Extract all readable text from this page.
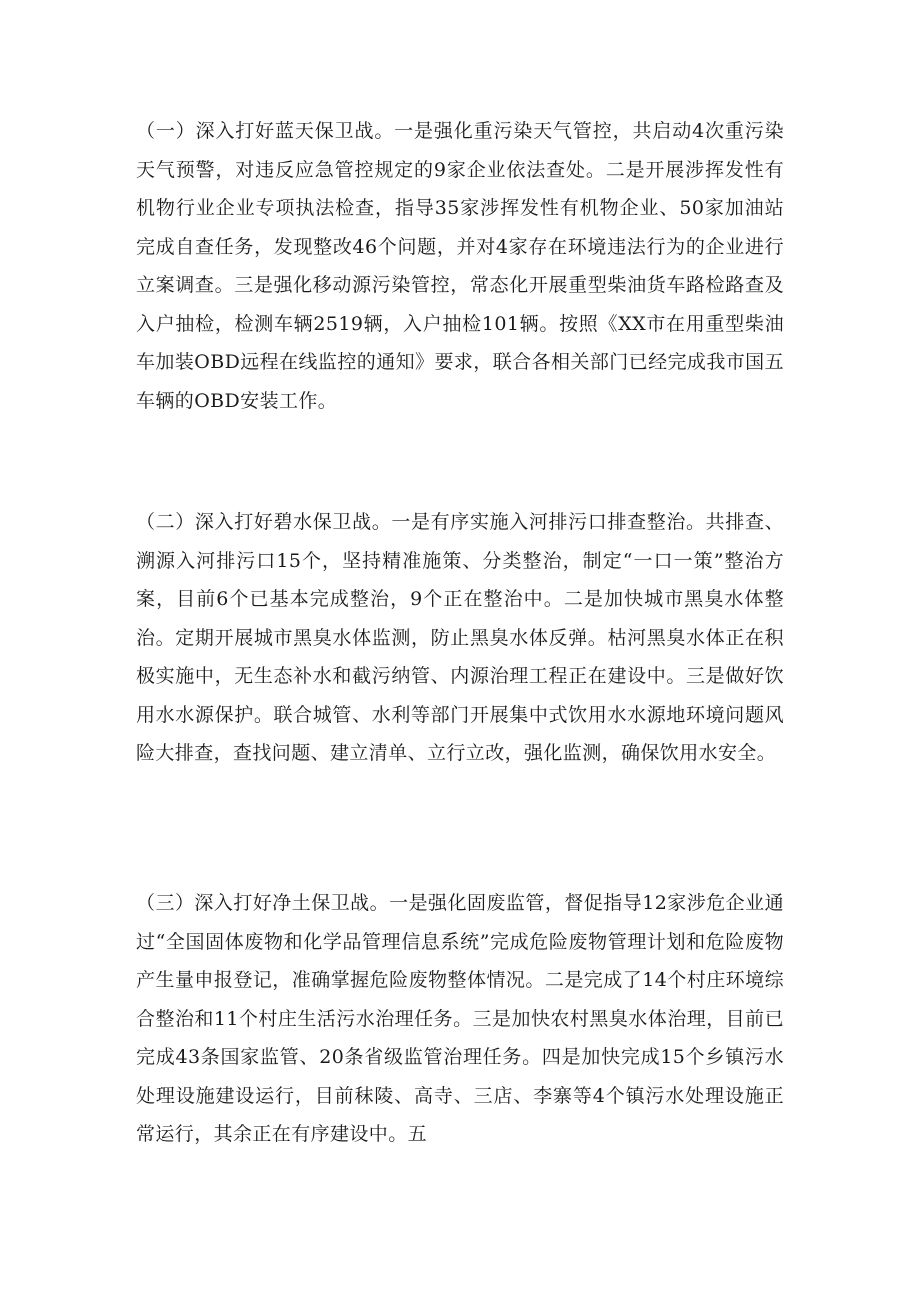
（一）深入打好蓝天保卫战。一是强化重污染天气管控，共启动4次重污染天气预警，对违反应急管控规定的9家企业依法查处。二是开展涉挥发性有机物行业企业专项执法检查，指导35家涉挥发性有机物企业、50家加油站完成自查任务，发现整改46个问题，并对4家存在环境违法行为的企业进行立案调查。三是强化移动源污染管控，常态化开展重型柴油货车路检路查及入户抽检，检测车辆2519辆，入户抽检101辆。按照《XX市在用重型柴油车加装OBD远程在线监控的通知》要求，联合各相关部门已经完成我市国五车辆的OBD安装工作。

（二）深入打好碧水保卫战。一是有序实施入河排污口排查整治。共排查、溯源入河排污口15个，坚持精准施策、分类整治，制定“一口一策”整治方案，目前6个已基本完成整治，9个正在整治中。二是加快城市黑臭水体整治。定期开展城市黑臭水体监测，防止黑臭水体反弹。枯河黑臭水体正在积极实施中，无生态补水和截污纳管、内源治理工程正在建设中。三是做好饮用水水源保护。联合城管、水利等部门开展集中式饮用水水源地环境问题风险大排查，查找问题、建立清单、立行立改，强化监测，确保饮用水安全。

（三）深入打好净土保卫战。一是强化固废监管，督促指导12家涉危企业通过“全国固体废物和化学品管理信息系统”完成危险废物管理计划和危险废物产生量申报登记，准确掌握危险废物整体情况。二是完成了14个村庄环境综合整治和11个村庄生活污水治理任务。三是加快农村黑臭水体治理，目前已完成43条国家监管、20条省级监管治理任务。四是加快完成15个乡镇污水处理设施建设运行，目前秣陵、高寺、三店、李寨等4个镇污水处理设施正常运行，其余正在有序建设中。五
